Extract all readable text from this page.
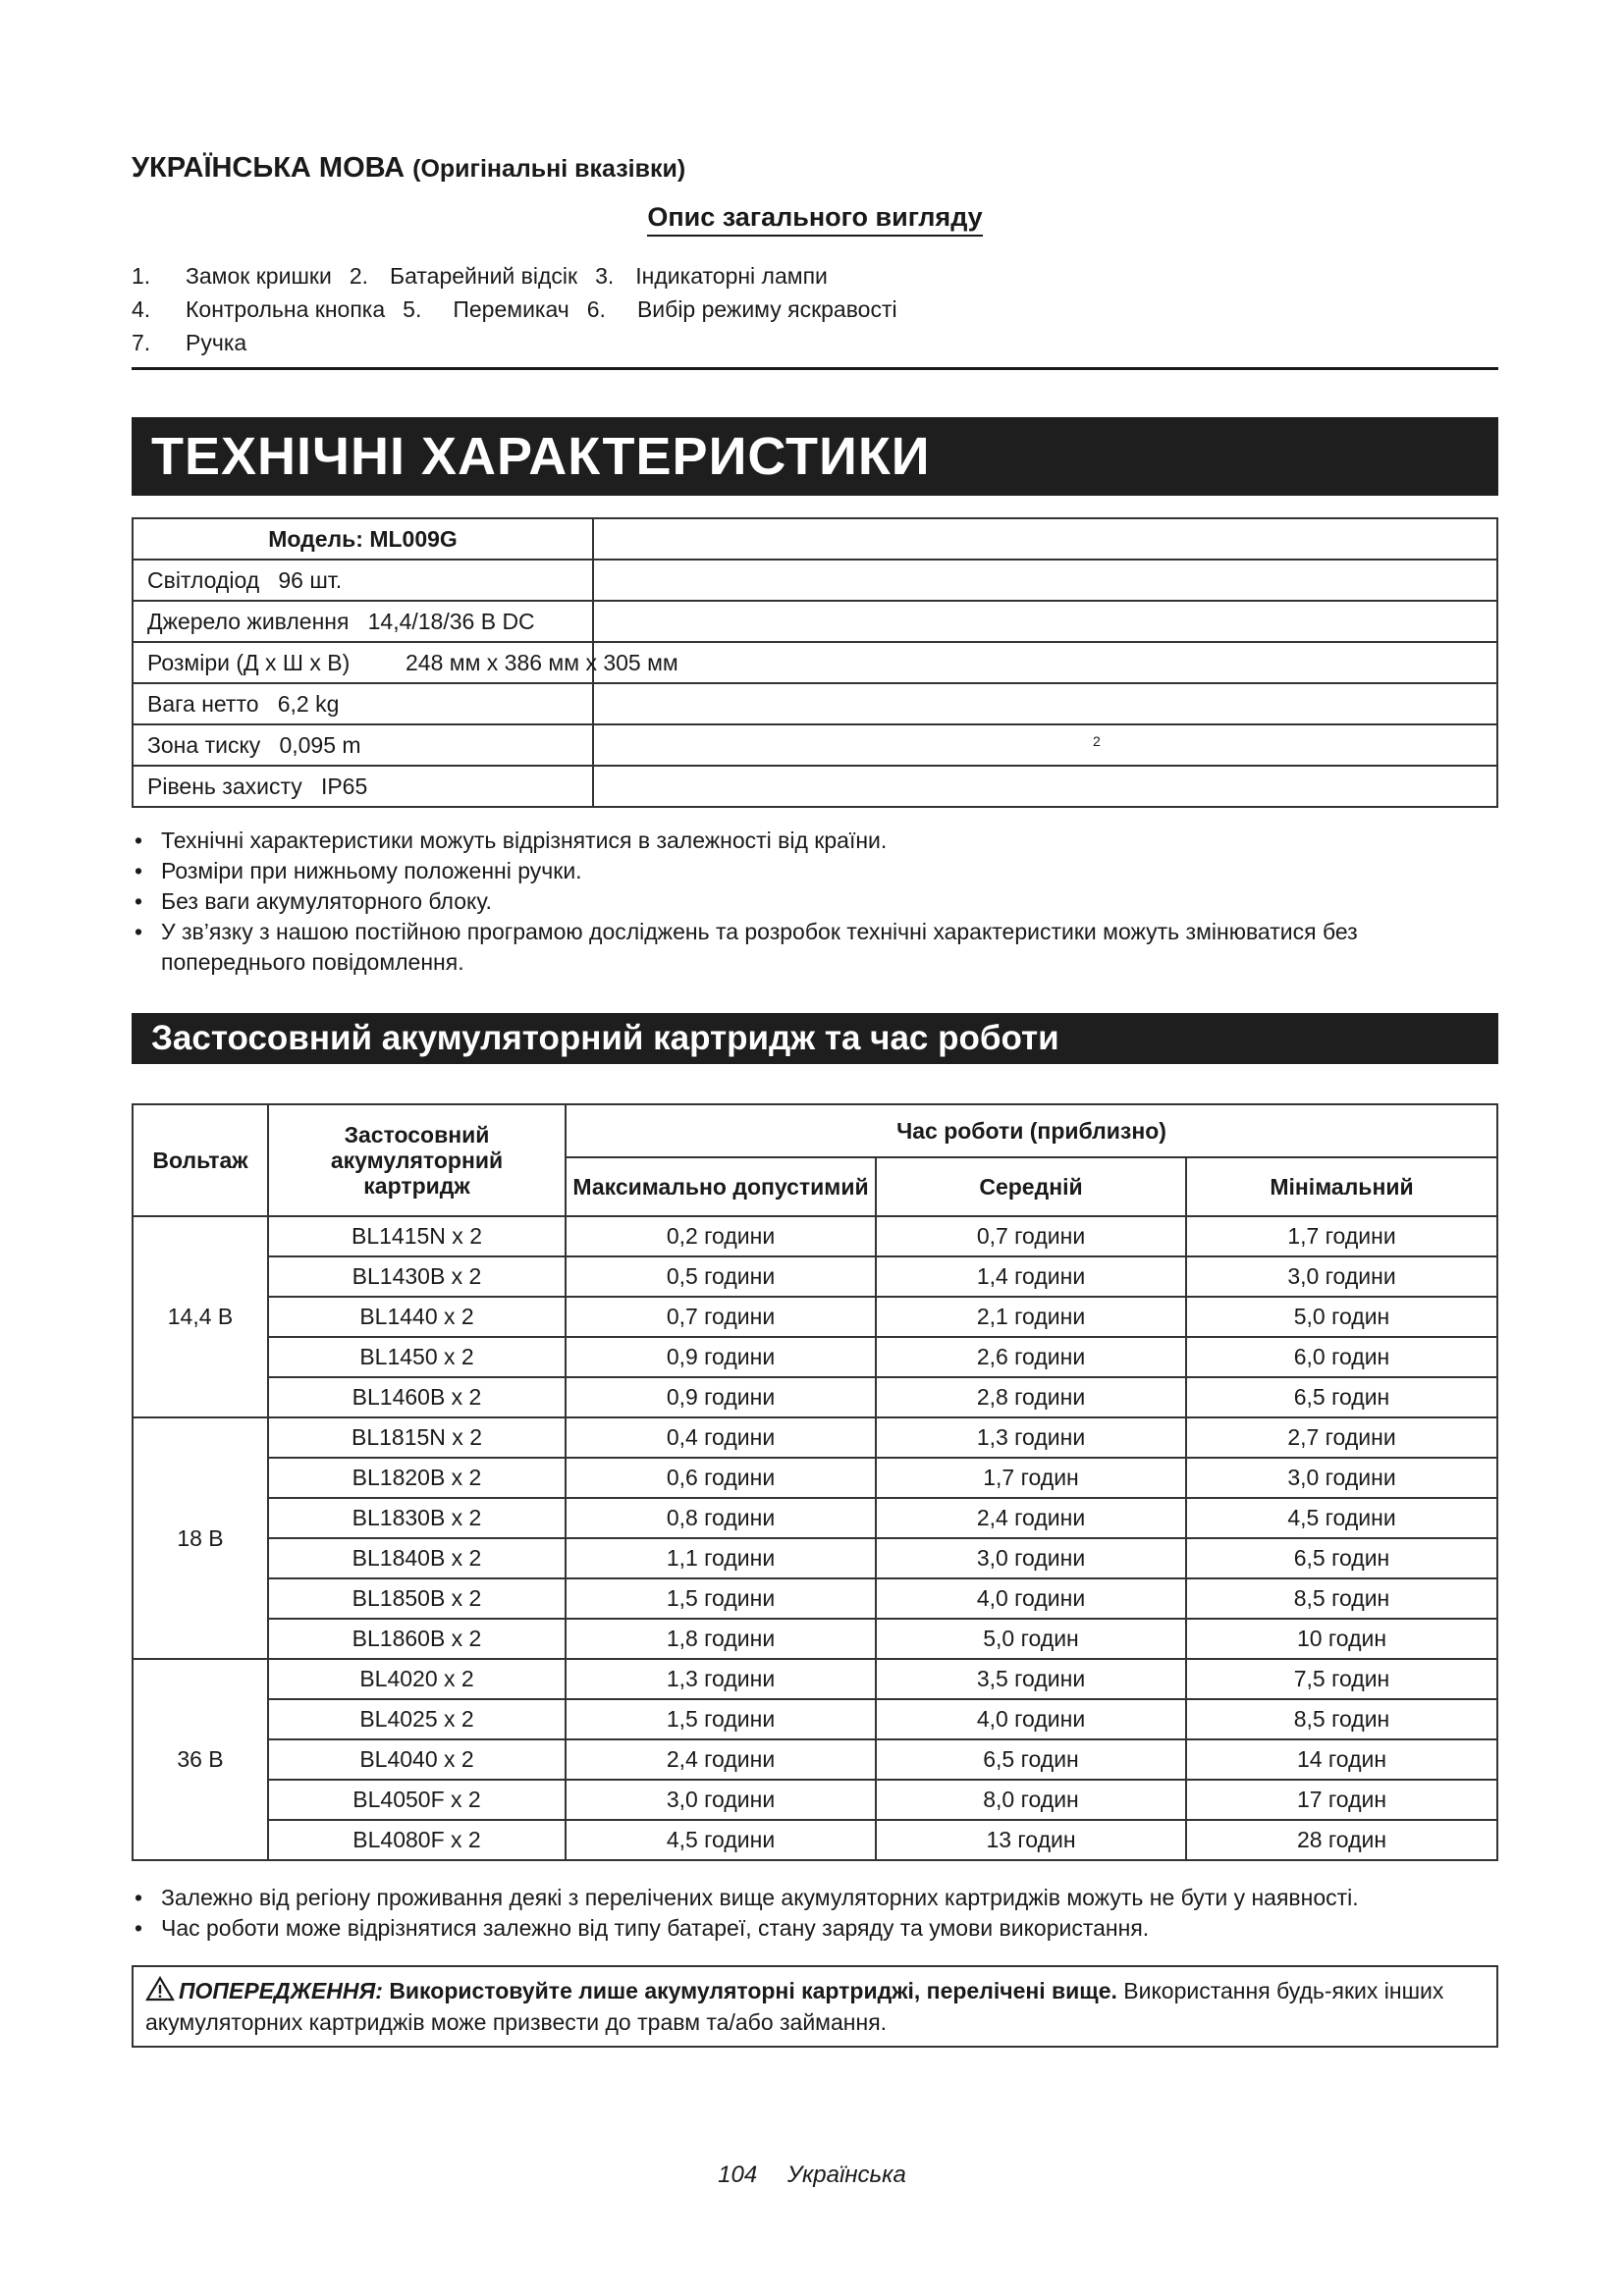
УКРАЇНСЬКА МОВА (Оригінальні вказівки)
Опис загального вигляду
1.	Замок кришки 2. Батарейний відсік 3. Індикаторні лампи
4.	Контрольна кнопка 5. Перемикач 6. Вибір режиму яскравості
7.	Ручка
ТЕХНІЧНІ ХАРАКТЕРИСТИКИ
Модель: ML009G	
Світлодіод 96 шт.	
Джерело живлення 14,4/18/36 В DC	
Розміри (Д x Ш x В) 248 мм x 386 мм x 305 мм	

Вага нетто 6,2 kg	
Зона тиску 0,095 m	2

Рівень захисту IP65	
• Технічні характеристики можуть відрізнятися в залежності від країни.
• Розміри при нижньому положенні ручки.
• Без ваги акумуляторного блоку.
• У зв’язку з нашою постійною програмою досліджень та розробок технічні характеристики можуть змінюватися без попереднього повідомлення.
Застосовний акумуляторний картридж та час роботи
Вольтаж	Застосовний акумуляторний картридж	Час роботи (приблизно)		
		Максимально допустимий	Середній	Мінімальний
14,4 В	BL1415N x 2	0,2 години	0,7 години	1,7 години
	BL1430B x 2	0,5 години	1,4 години	3,0 години
	BL1440 x 2	0,7 години	2,1 години	5,0 годин
	BL1450 x 2	0,9 години	2,6 години	6,0 годин
	BL1460B x 2	0,9 години	2,8 години	6,5 годин
18 В	BL1815N x 2	0,4 години	1,3 години	2,7 години
	BL1820B x 2	0,6 години	1,7 годин	3,0 години
	BL1830B x 2	0,8 години	2,4 години	4,5 години
	BL1840B x 2	1,1 години	3,0 години	6,5 годин
	BL1850B x 2	1,5 години	4,0 години	8,5 годин
	BL1860B x 2	1,8 години	5,0 годин	10 годин
36 В	BL4020 x 2	1,3 години	3,5 години	7,5 годин
	BL4025 x 2	1,5 години	4,0 години	8,5 годин
	BL4040 x 2	2,4 години	6,5 годин	14 годин
	BL4050F x 2	3,0 години	8,0 годин	17 годин
	BL4080F x 2	4,5 години	13 годин	28 годин
• Залежно від регіону проживання деякі з перелічених вище акумуляторних картриджів можуть не бути у наявності.
• Час роботи може відрізнятися залежно від типу батареї, стану заряду та умови використання.
ПОПЕРЕДЖЕННЯ: Використовуйте лише акумуляторні картриджі, перелічені вище. Використання будь-яких інших акумуляторних картриджів може призвести до травм та/або займання.
104 Українська
